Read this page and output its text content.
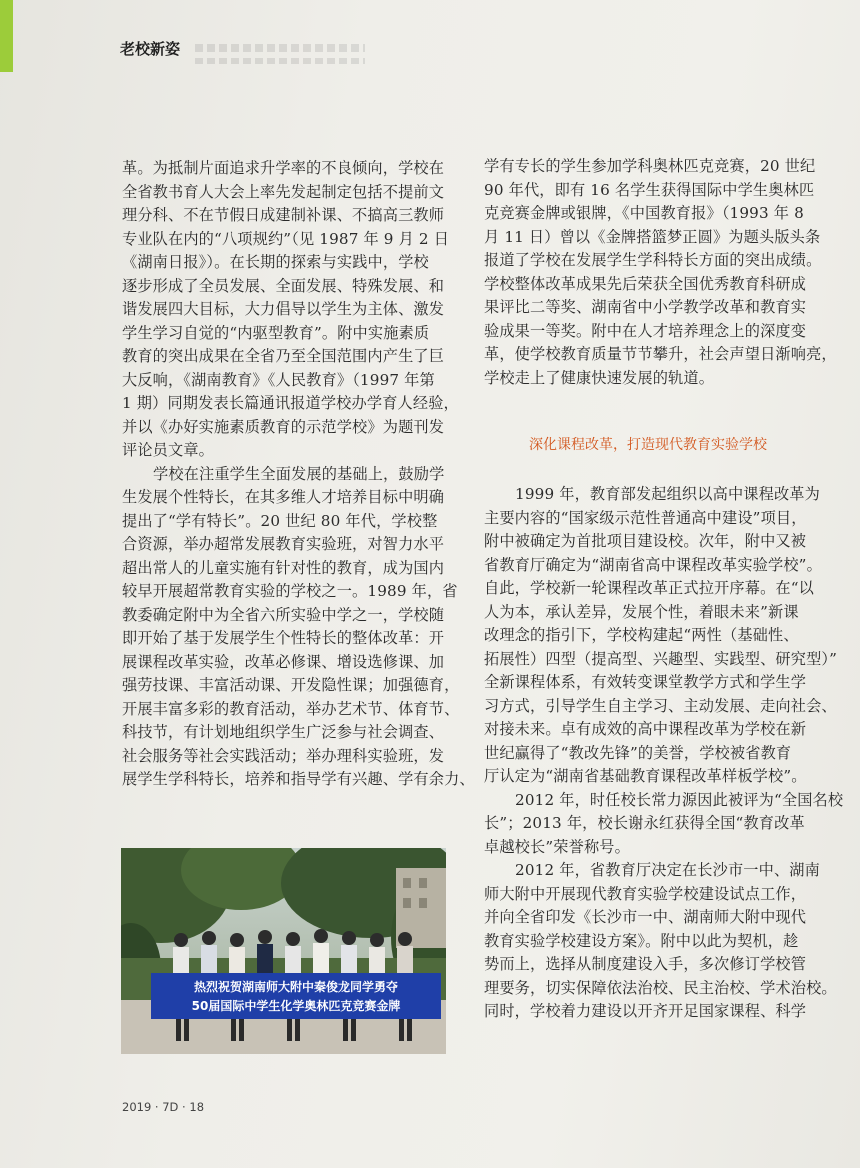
老校新姿
革。为抵制片面追求升学率的不良倾向，学校在
全省教书育人大会上率先发起制定包括不提前文
理分科、不在节假日成建制补课、不搞高三教师
专业队在内的“八项规约”（见 1987 年 9 月 2 日
《湖南日报》）。在长期的探索与实践中，学校
逐步形成了全员发展、全面发展、特殊发展、和
谐发展四大目标，大力倡导以学生为主体、激发
学生学习自觉的“内驱型教育”。附中实施素质
教育的突出成果在全省乃至全国范围内产生了巨
大反响，《湖南教育》《人民教育》（1997 年第
1 期）同期发表长篇通讯报道学校办学育人经验，
并以《办好实施素质教育的示范学校》为题刊发
评论员文章。
学校在注重学生全面发展的基础上，鼓励学
生发展个性特长，在其多维人才培养目标中明确
提出了“学有特长”。20 世纪 80 年代，学校整
合资源，举办超常发展教育实验班，对智力水平
超出常人的儿童实施有针对性的教育，成为国内
较早开展超常教育实验的学校之一。1989 年，省
教委确定附中为全省六所实验中学之一，学校随
即开始了基于发展学生个性特长的整体改革：开
展课程改革实验，改革必修课、增设选修课、加
强劳技课、丰富活动课、开发隐性课；加强德育，
开展丰富多彩的教育活动，举办艺术节、体育节、
科技节，有计划地组织学生广泛参与社会调查、
社会服务等社会实践活动；举办理科实验班，发
展学生学科特长，培养和指导学有兴趣、学有余力、
学有专长的学生参加学科奥林匹克竞赛，20 世纪
90 年代，即有 16 名学生获得国际中学生奥林匹
克竞赛金牌或银牌，《中国教育报》（1993 年 8
月 11 日）曾以《金牌搭篮梦正圆》为题头版头条
报道了学校在发展学生学科特长方面的突出成绩。
学校整体改革成果先后荣获全国优秀教育科研成
果评比二等奖、湖南省中小学教学改革和教育实
验成果一等奖。附中在人才培养理念上的深度变
革，使学校教育质量节节攀升，社会声望日渐响亮，
学校走上了健康快速发展的轨道。
深化课程改革，打造现代教育实验学校
1999 年，教育部发起组织以高中课程改革为
主要内容的“国家级示范性普通高中建设”项目，
附中被确定为首批项目建设校。次年，附中又被
省教育厅确定为“湖南省高中课程改革实验学校”。
自此，学校新一轮课程改革正式拉开序幕。在“以
人为本，承认差异，发展个性，着眼未来”新课
改理念的指引下，学校构建起“两性（基础性、
拓展性）四型（提高型、兴趣型、实践型、研究型）”
全新课程体系，有效转变课堂教学方式和学生学
习方式，引导学生自主学习、主动发展、走向社会、
对接未来。卓有成效的高中课程改革为学校在新
世纪赢得了“教改先锋”的美誉，学校被省教育
厅认定为“湖南省基础教育课程改革样板学校”。
2012 年，时任校长常力源因此被评为“全国名校
长”；2013 年，校长谢永红获得全国“教育改革
卓越校长”荣誉称号。
2012 年，省教育厅决定在长沙市一中、湖南
师大附中开展现代教育实验学校建设试点工作，
并向全省印发《长沙市一中、湖南师大附中现代
教育实验学校建设方案》。附中以此为契机，趁
势而上，选择从制度建设入手，多次修订学校管
理要务，切实保障依法治校、民主治校、学术治校。
同时，学校着力建设以开齐开足国家课程、科学
热烈祝贺湖南师大附中秦俊龙同学勇夺
50届国际中学生化学奥林匹克竞赛金牌
2019 · 7D · 18
